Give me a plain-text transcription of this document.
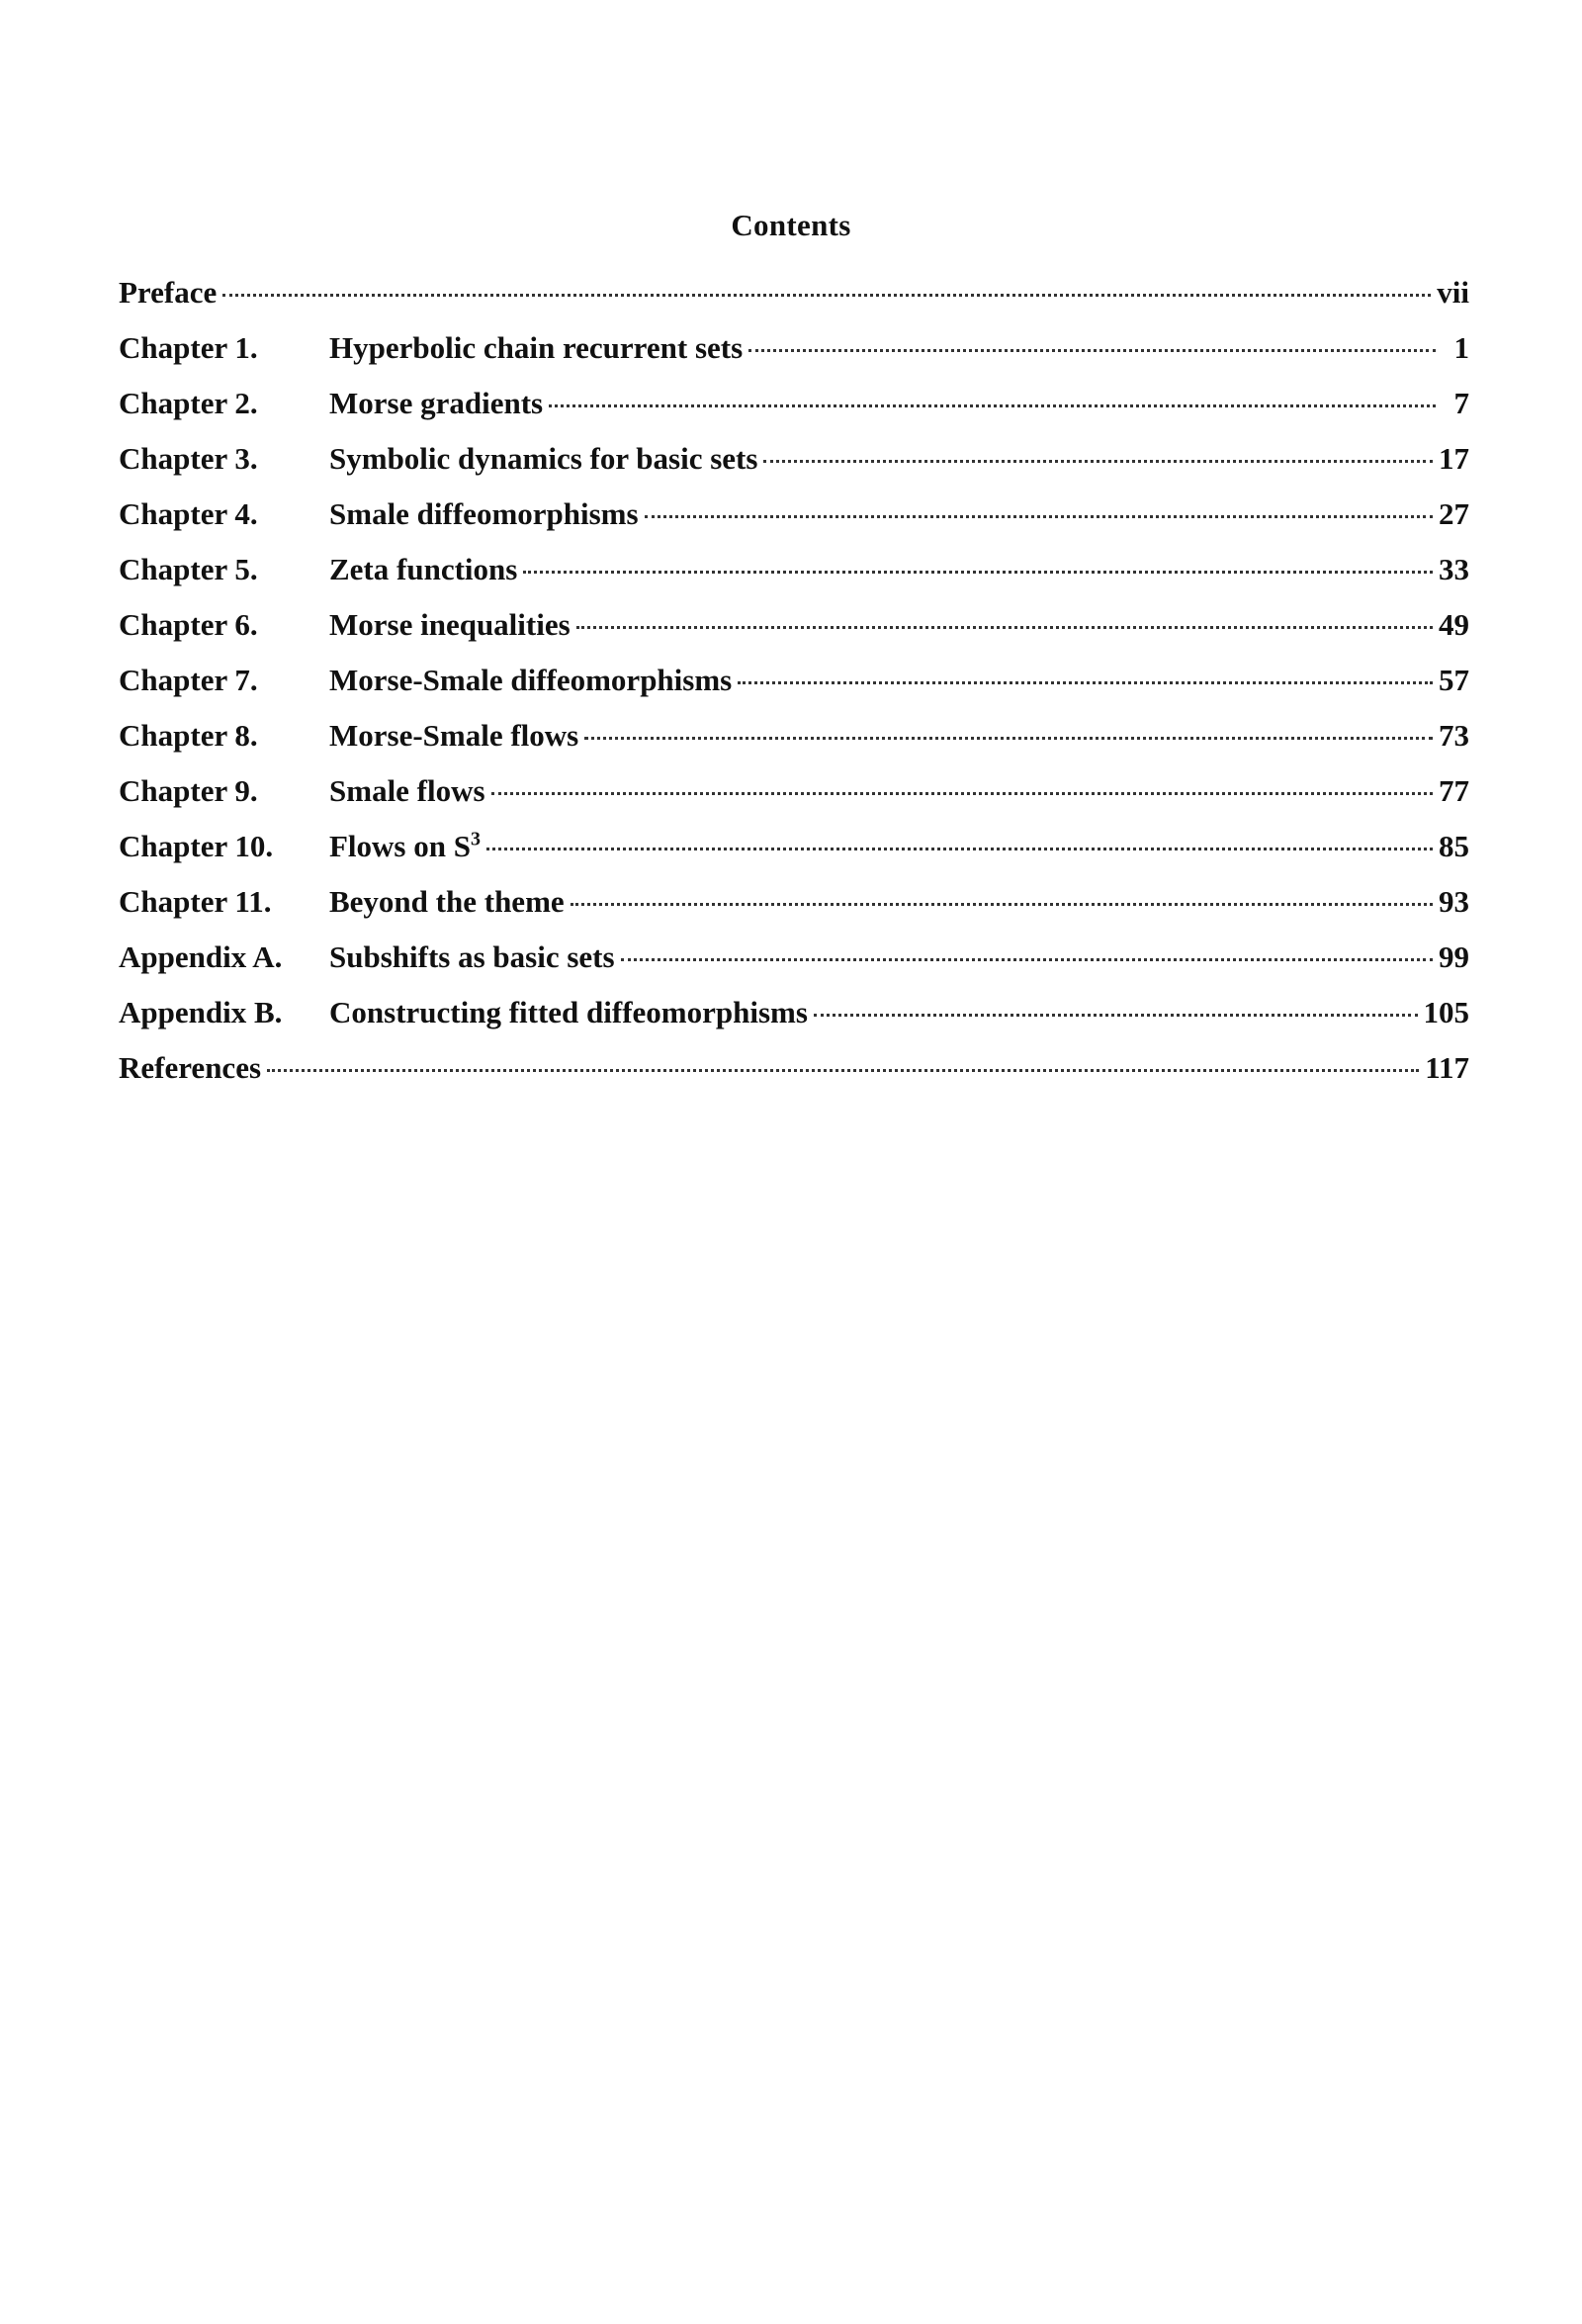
Contents
Preface	vii
Chapter 1.	Hyperbolic chain recurrent sets	1
Chapter 2.	Morse gradients	7
Chapter 3.	Symbolic dynamics for basic sets	17
Chapter 4.	Smale diffeomorphisms	27
Chapter 5.	Zeta functions	33
Chapter 6.	Morse inequalities	49
Chapter 7.	Morse-Smale diffeomorphisms	57
Chapter 8.	Morse-Smale flows	73
Chapter 9.	Smale flows	77
Chapter 10.	Flows on $S^3$	85
Chapter 11.	Beyond the theme	93
Appendix A.	Subshifts as basic sets	99
Appendix B.	Constructing fitted diffeomorphisms	105
References	117
